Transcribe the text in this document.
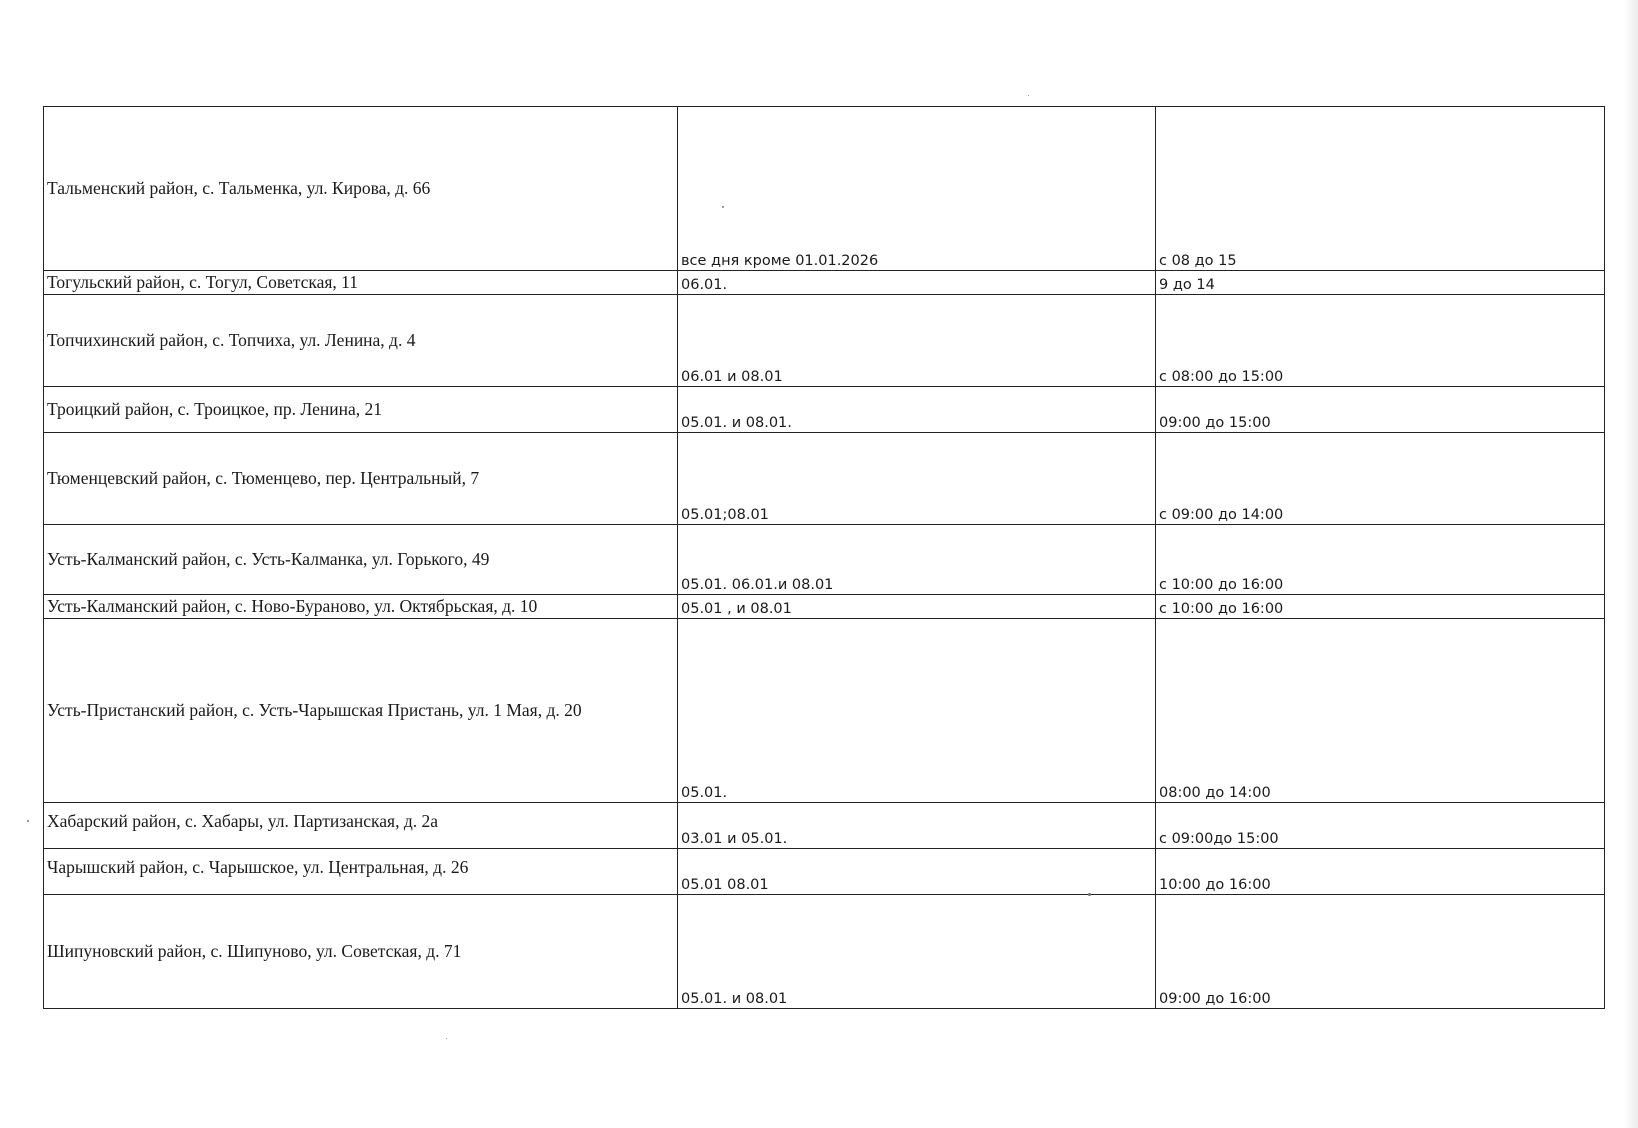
Тальменский район, с. Тальменка, ул. Кирова, д. 66	все дня кроме 01.01.2026	с 08 до 15
Тогульский район, с. Тогул, Советская, 11	06.01.	9 до 14
Топчихинский район, с. Топчиха, ул. Ленина, д. 4	06.01 и 08.01	с 08:00 до 15:00
Троицкий район, с. Троицкое, пр. Ленина, 21	05.01. и 08.01.	09:00 до 15:00
Тюменцевский район, с. Тюменцево, пер. Центральный, 7	05.01;08.01	с 09:00 до 14:00
Усть-Калманский район, с. Усть-Калманка, ул. Горького, 49	05.01. 06.01.и 08.01	с 10:00 до 16:00
Усть-Калманский район, с. Ново-Бураново, ул. Октябрьская, д. 10	05.01 , и 08.01	с 10:00 до 16:00
Усть-Пристанский район, с. Усть-Чарышская Пристань, ул. 1 Мая, д. 20	05.01.	08:00 до 14:00
Хабарский район, с. Хабары, ул. Партизанская, д. 2а	03.01 и 05.01.	с 09:00до 15:00
Чарышский район, с. Чарышское, ул. Центральная, д. 26	05.01 08.01	10:00 до 16:00
Шипуновский район, с. Шипуново, ул. Советская, д. 71	05.01. и 08.01	09:00 до 16:00
